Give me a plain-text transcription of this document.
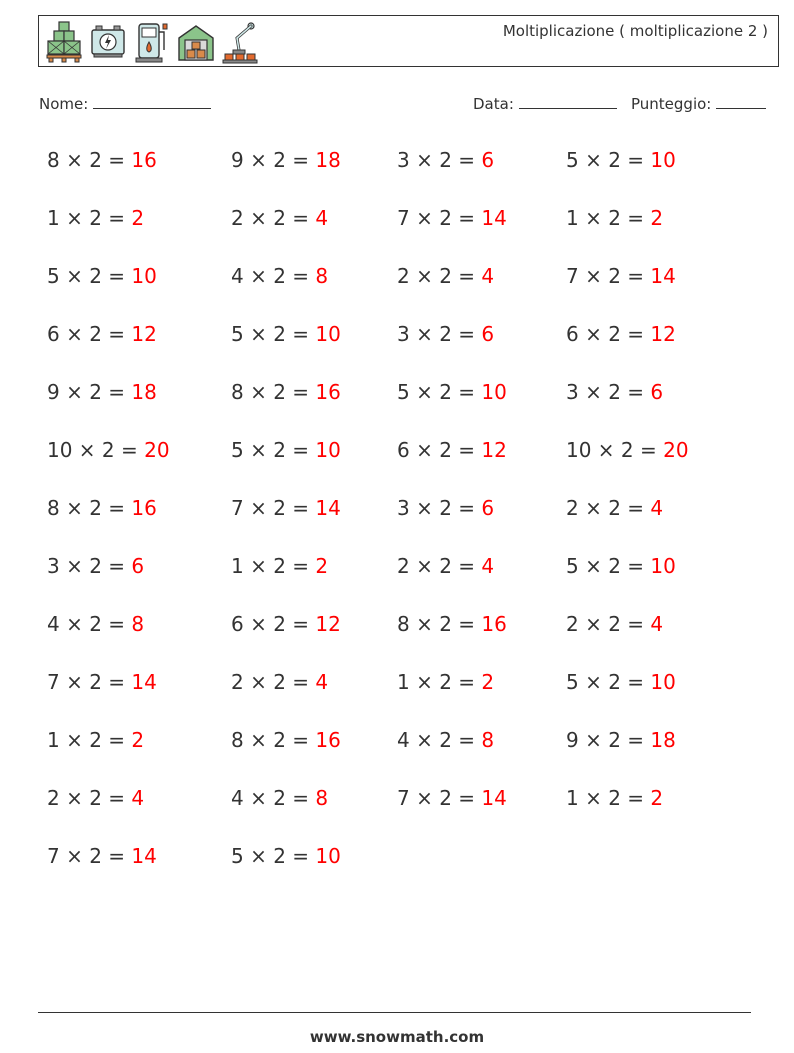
Moltiplicazione ( moltiplicazione 2 )
Nome:	Data:	Punteggio:
8 × 2 = 16	9 × 2 = 18	3 × 2 = 6	5 × 2 = 10
1 × 2 = 2	2 × 2 = 4	7 × 2 = 14	1 × 2 = 2
5 × 2 = 10	4 × 2 = 8	2 × 2 = 4	7 × 2 = 14
6 × 2 = 12	5 × 2 = 10	3 × 2 = 6	6 × 2 = 12
9 × 2 = 18	8 × 2 = 16	5 × 2 = 10	3 × 2 = 6
10 × 2 = 20	5 × 2 = 10	6 × 2 = 12	10 × 2 = 20
8 × 2 = 16	7 × 2 = 14	3 × 2 = 6	2 × 2 = 4
3 × 2 = 6	1 × 2 = 2	2 × 2 = 4	5 × 2 = 10
4 × 2 = 8	6 × 2 = 12	8 × 2 = 16	2 × 2 = 4
7 × 2 = 14	2 × 2 = 4	1 × 2 = 2	5 × 2 = 10
1 × 2 = 2	8 × 2 = 16	4 × 2 = 8	9 × 2 = 18
2 × 2 = 4	4 × 2 = 8	7 × 2 = 14	1 × 2 = 2
7 × 2 = 14	5 × 2 = 10
www.snowmath.com
